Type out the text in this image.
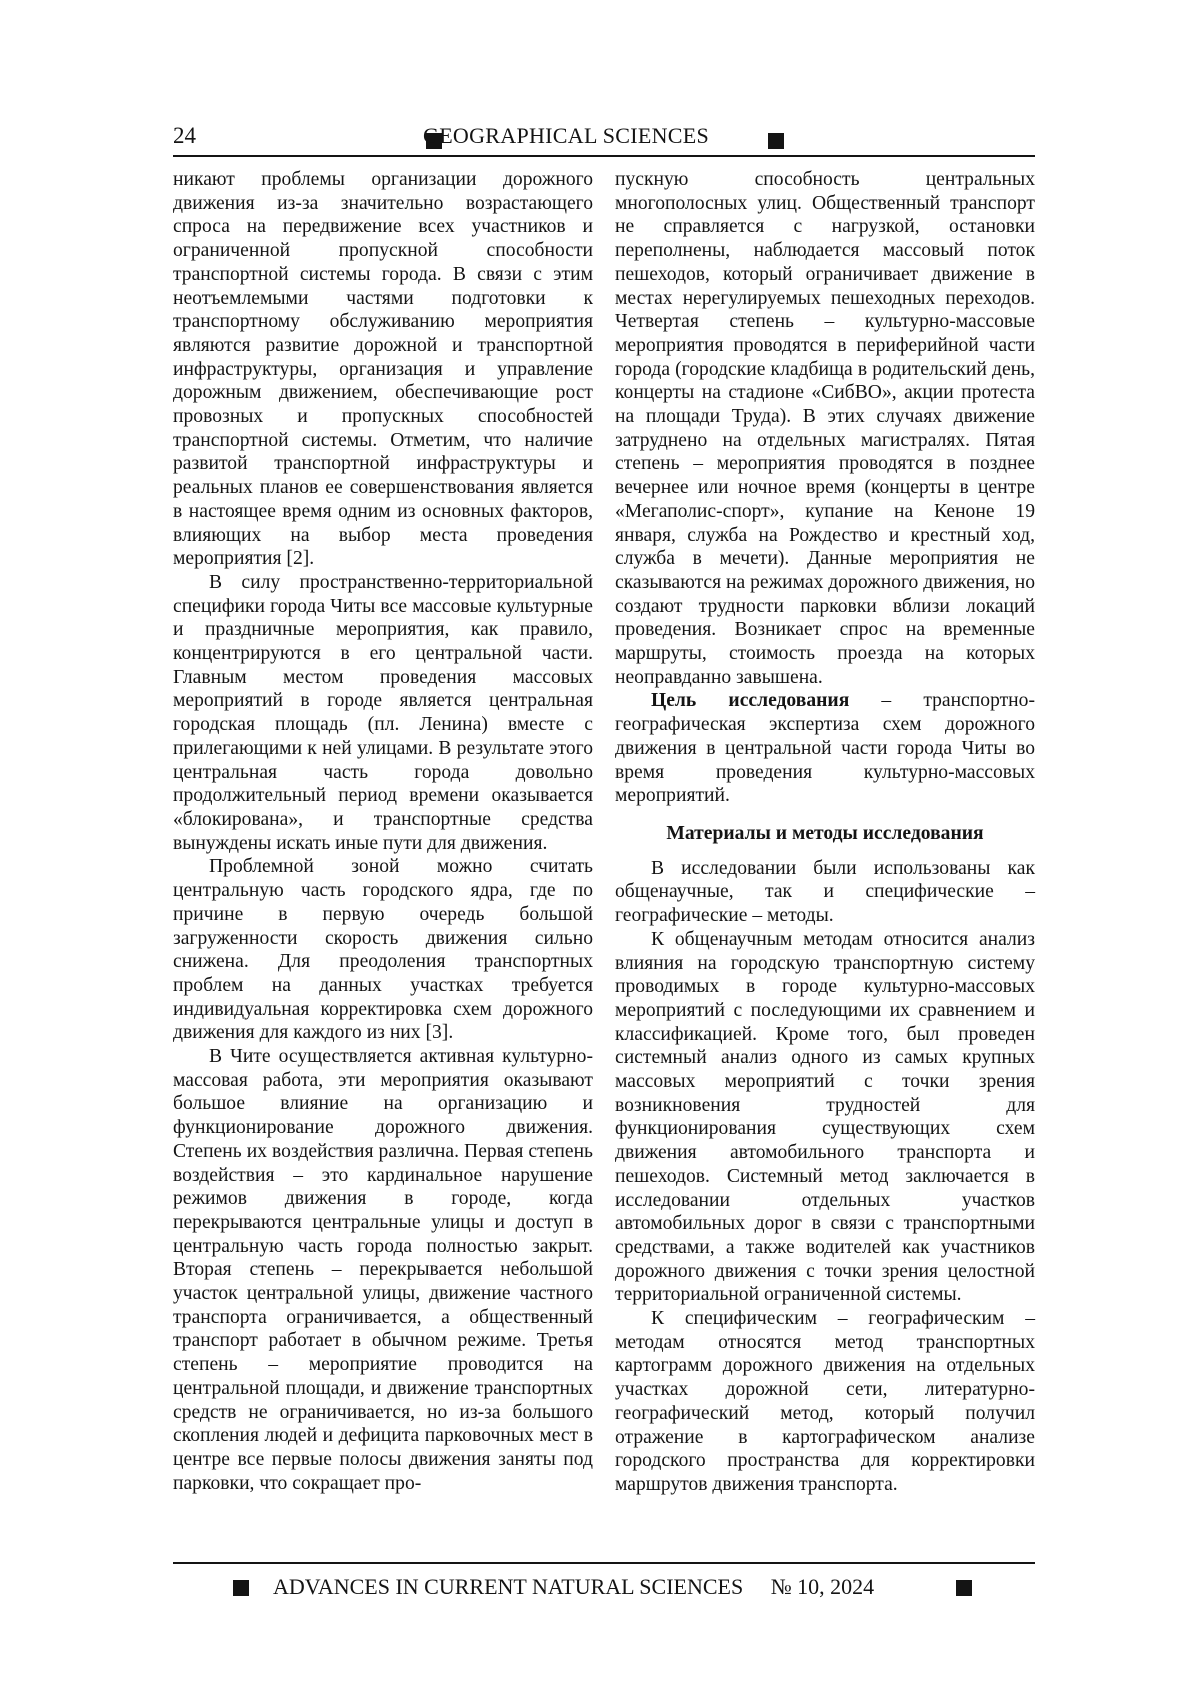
24	GEOGRAPHICAL SCIENCES

никают проблемы организации дорожного движения из-за значительно возрастающего спроса на передвижение всех участников и ограниченной пропускной способности транспортной системы города. В связи с этим неотъемлемыми частями подготовки к транспортному обслуживанию мероприятия являются развитие дорожной и транспортной инфраструктуры, организация и управление дорожным движением, обеспечивающие рост провозных и пропускных способностей транспортной системы. Отметим, что наличие развитой транспортной инфраструктуры и реальных планов ее совершенствования является в настоящее время одним из основных факторов, влияющих на выбор места проведения мероприятия [2].

В силу пространственно-территориальной специфики города Читы все массовые культурные и праздничные мероприятия, как правило, концентрируются в его центральной части. Главным местом проведения массовых мероприятий в городе является центральная городская площадь (пл. Ленина) вместе с прилегающими к ней улицами. В результате этого центральная часть города довольно продолжительный период времени оказывается «блокирована», и транспортные средства вынуждены искать иные пути для движения.

Проблемной зоной можно считать центральную часть городского ядра, где по причине в первую очередь большой загруженности скорость движения сильно снижена. Для преодоления транспортных проблем на данных участках требуется индивидуальная корректировка схем дорожного движения для каждого из них [3].

В Чите осуществляется активная культурно-массовая работа, эти мероприятия оказывают большое влияние на организацию и функционирование дорожного движения. Степень их воздействия различна. Первая степень воздействия – это кардинальное нарушение режимов движения в городе, когда перекрываются центральные улицы и доступ в центральную часть города полностью закрыт. Вторая степень – перекрывается небольшой участок центральной улицы, движение частного транспорта ограничивается, а общественный транспорт работает в обычном режиме. Третья степень – мероприятие проводится на центральной площади, и движение транспортных средств не ограничивается, но из-за большого скопления людей и дефицита парковочных мест в центре все первые полосы движения заняты под парковки, что сокращает про-

пускную способность центральных многополосных улиц. Общественный транспорт не справляется с нагрузкой, остановки переполнены, наблюдается массовый поток пешеходов, который ограничивает движение в местах нерегулируемых пешеходных переходов. Четвертая степень – культурно-массовые мероприятия проводятся в периферийной части города (городские кладбища в родительский день, концерты на стадионе «СибВО», акции протеста на площади Труда). В этих случаях движение затруднено на отдельных магистралях. Пятая степень – мероприятия проводятся в позднее вечернее или ночное время (концерты в центре «Мегаполис-спорт», купание на Кеноне 19 января, служба на Рождество и крестный ход, служба в мечети). Данные мероприятия не сказываются на режимах дорожного движения, но создают трудности парковки вблизи локаций проведения. Возникает спрос на временные маршруты, стоимость проезда на которых неоправданно завышена.

Цель исследования – транспортно-географическая экспертиза схем дорожного движения в центральной части города Читы во время проведения культурно-массовых мероприятий.

Материалы и методы исследования

В исследовании были использованы как общенаучные, так и специфические – географические – методы.

К общенаучным методам относится анализ влияния на городскую транспортную систему проводимых в городе культурно-массовых мероприятий с последующими их сравнением и классификацией. Кроме того, был проведен системный анализ одного из самых крупных массовых мероприятий с точки зрения возникновения трудностей для функционирования существующих схем движения автомобильного транспорта и пешеходов. Системный метод заключается в исследовании отдельных участков автомобильных дорог в связи с транспортными средствами, а также водителей как участников дорожного движения с точки зрения целостной территориальной ограниченной системы.

К специфическим – географическим – методам относятся метод транспортных картограмм дорожного движения на отдельных участках дорожной сети, литературно-географический метод, который получил отражение в картографическом анализе городского пространства для корректировки маршрутов движения транспорта.

ADVANCES IN CURRENT NATURAL SCIENCES     № 10, 2024
